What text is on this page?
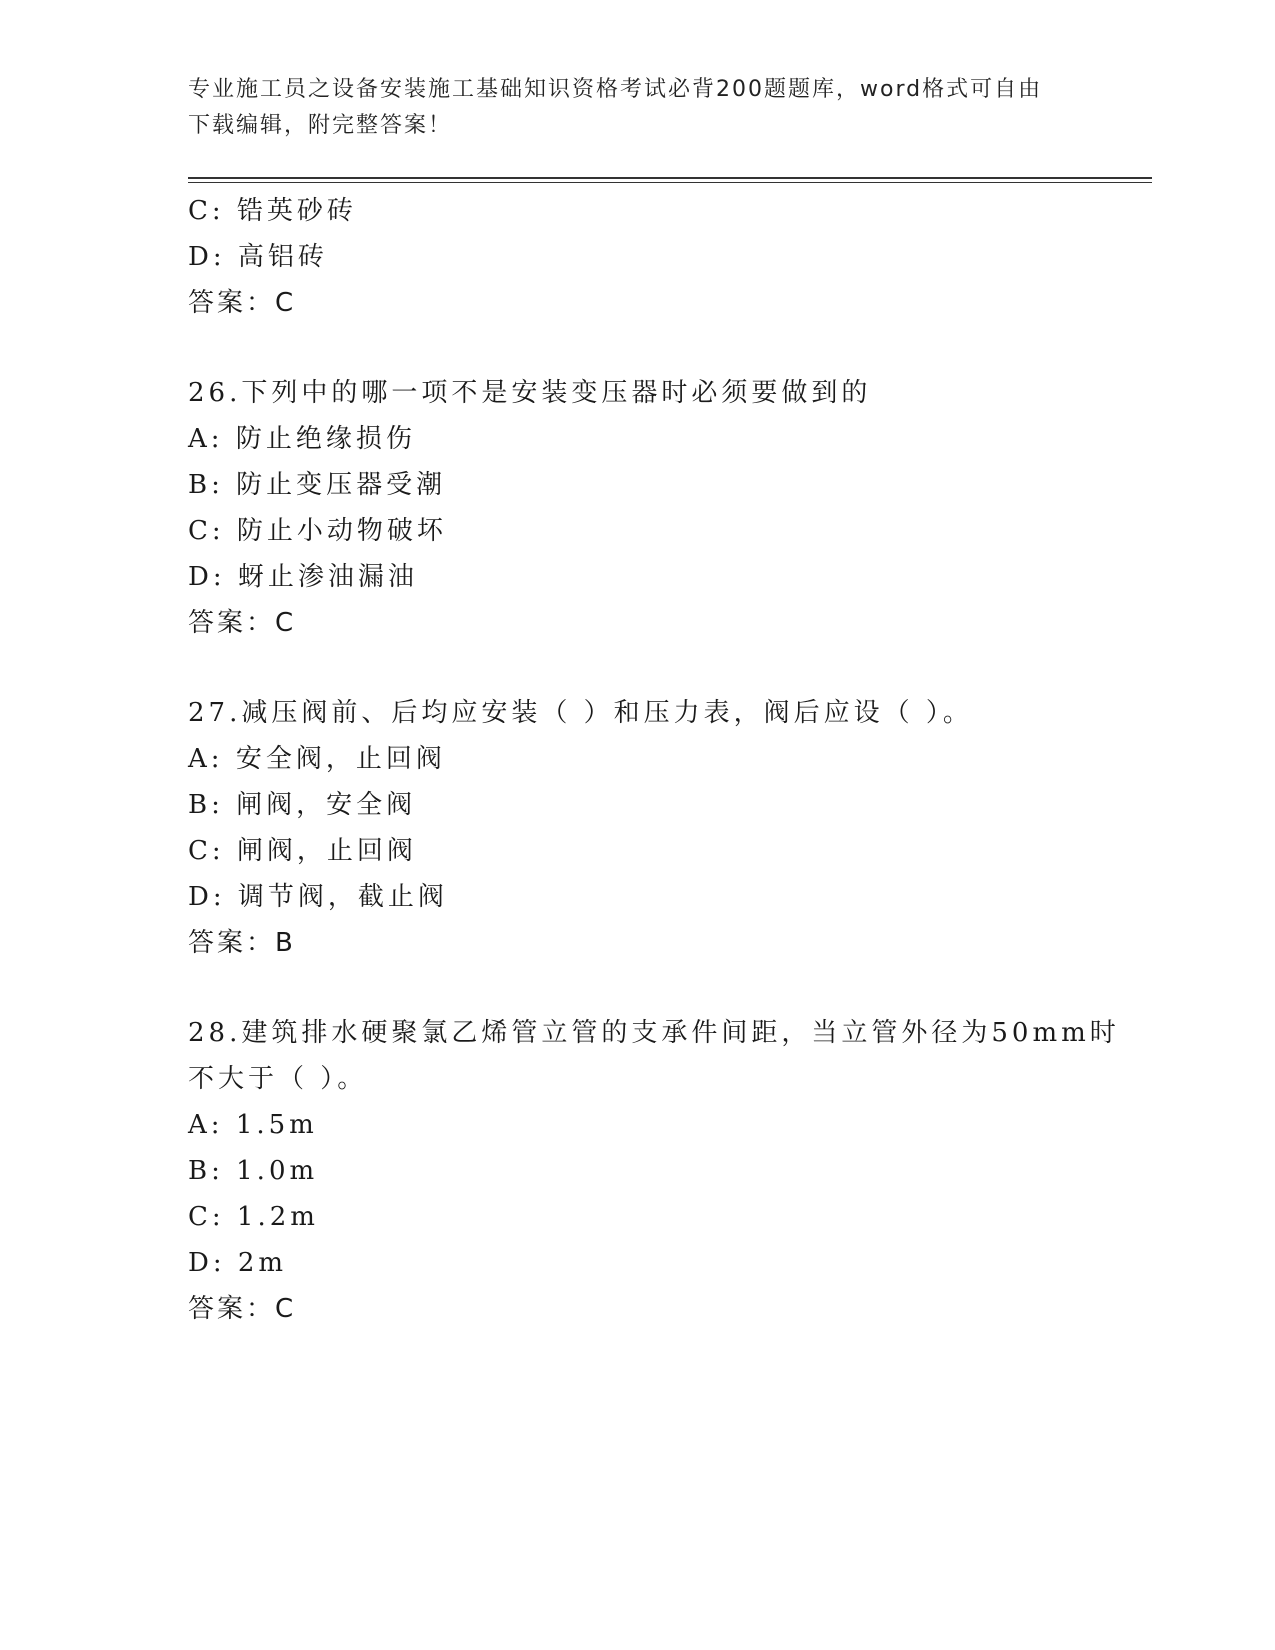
专业施工员之设备安装施工基础知识资格考试必背200题题库，word格式可自由
下载编辑，附完整答案！
C: 锆英砂砖
D: 高铝砖
答案：C
26.下列中的哪一项不是安装变压器时必须要做到的
A: 防止绝缘损伤
B: 防止变压器受潮
C: 防止小动物破坏
D: 蚜止渗油漏油
答案：C
27.减压阀前、后均应安装（ ）和压力表，阀后应设（ ）。
A: 安全阀，止回阀
B: 闸阀，安全阀
C: 闸阀，止回阀
D: 调节阀，截止阀
答案：B
28.建筑排水硬聚氯乙烯管立管的支承件间距，当立管外径为50mm时
不大于（ ）。
A: 1.5m
B: 1.0m
C: 1.2m
D: 2m
答案：C
